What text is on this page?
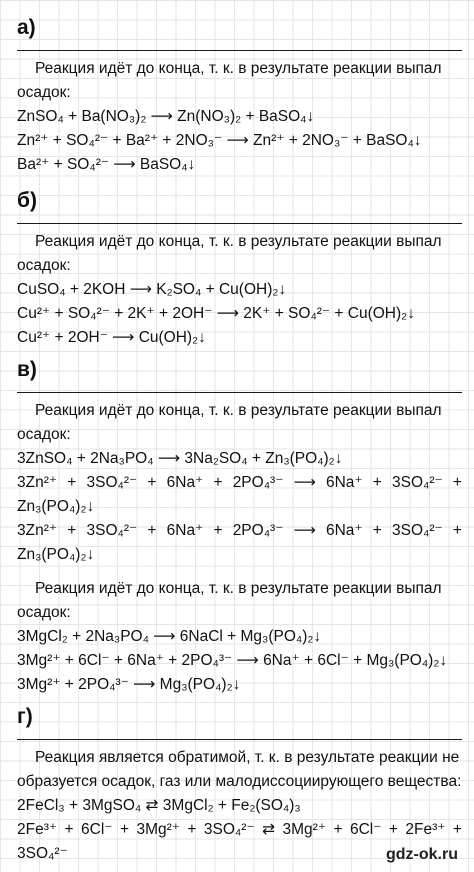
а)

Реакция идёт до конца, т. к. в результате реакции выпал осадок:

ZnSO₄ + Ba(NO₃)₂ ⟶ Zn(NO₃)₂ + BaSO₄↓

Zn²⁺ + SO₄²⁻ + Ba²⁺ + 2NO₃⁻ ⟶ Zn²⁺ + 2NO₃⁻ + BaSO₄↓

Ba²⁺ + SO₄²⁻ ⟶ BaSO₄↓

б)

Реакция идёт до конца, т. к. в результате реакции выпал осадок:

CuSO₄ + 2KOH ⟶ K₂SO₄ + Cu(OH)₂↓

Cu²⁺ + SO₄²⁻ + 2K⁺ + 2OH⁻ ⟶ 2K⁺ + SO₄²⁻ + Cu(OH)₂↓

Cu²⁺ + 2OH⁻ ⟶ Cu(OH)₂↓

в)

Реакция идёт до конца, т. к. в результате реакции выпал осадок:

3ZnSO₄ + 2Na₃PO₄ ⟶ 3Na₂SO₄ + Zn₃(PO₄)₂↓

3Zn²⁺ + 3SO₄²⁻ + 6Na⁺ + 2PO₄³⁻ ⟶ 6Na⁺ + 3SO₄²⁻ +

Zn₃(PO₄)₂↓

3Zn²⁺ + 3SO₄²⁻ + 6Na⁺ + 2PO₄³⁻ ⟶ 6Na⁺ + 3SO₄²⁻ +

Zn₃(PO₄)₂↓

Реакция идёт до конца, т. к. в результате реакции выпал осадок:

3MgCl₂ + 2Na₃PO₄ ⟶ 6NaCl + Mg₃(PO₄)₂↓

3Mg²⁺ + 6Cl⁻ + 6Na⁺ + 2PO₄³⁻ ⟶ 6Na⁺ + 6Cl⁻ + Mg₃(PO₄)₂↓

3Mg²⁺ + 2PO₄³⁻ ⟶ Mg₃(PO₄)₂↓

г)

Реакция является обратимой, т. к. в результате реакции не образуется осадок, газ или малодиссоциирующего вещества:

2FeCl₃ + 3MgSO₄ ⇄ 3MgCl₂ + Fe₂(SO₄)₃

2Fe³⁺ + 6Cl⁻ + 3Mg²⁺ + 3SO₄²⁻ ⇄ 3Mg²⁺ + 6Cl⁻ + 2Fe³⁺ +

3SO₄²⁻	gdz-ok.ru
